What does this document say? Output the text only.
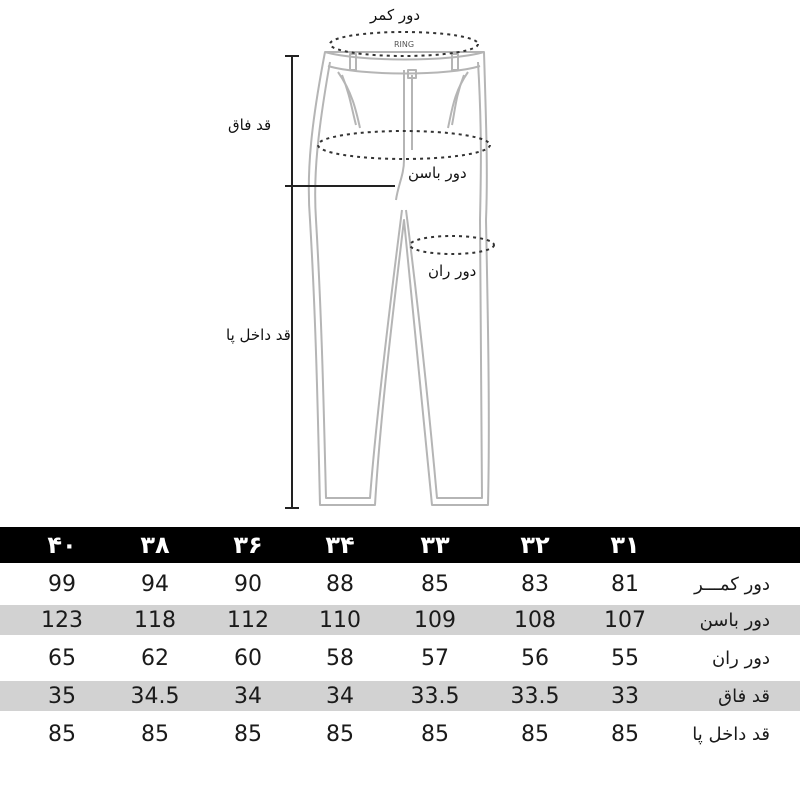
RING
دور کمر
قد فاق
دور باسن
دور ران
قد داخل پا
۴۰	۳۸	۳۶	۳۴	۳۳	۳۲	۳۱
99	94	90	88	85	83	81	دور کمـــر
123	118	112	110	109	108	107	دور باسن
65	62	60	58	57	56	55	دور ران
35	34.5	34	34	33.5	33.5	33	قد فاق
85	85	85	85	85	85	85	قد داخل پا
